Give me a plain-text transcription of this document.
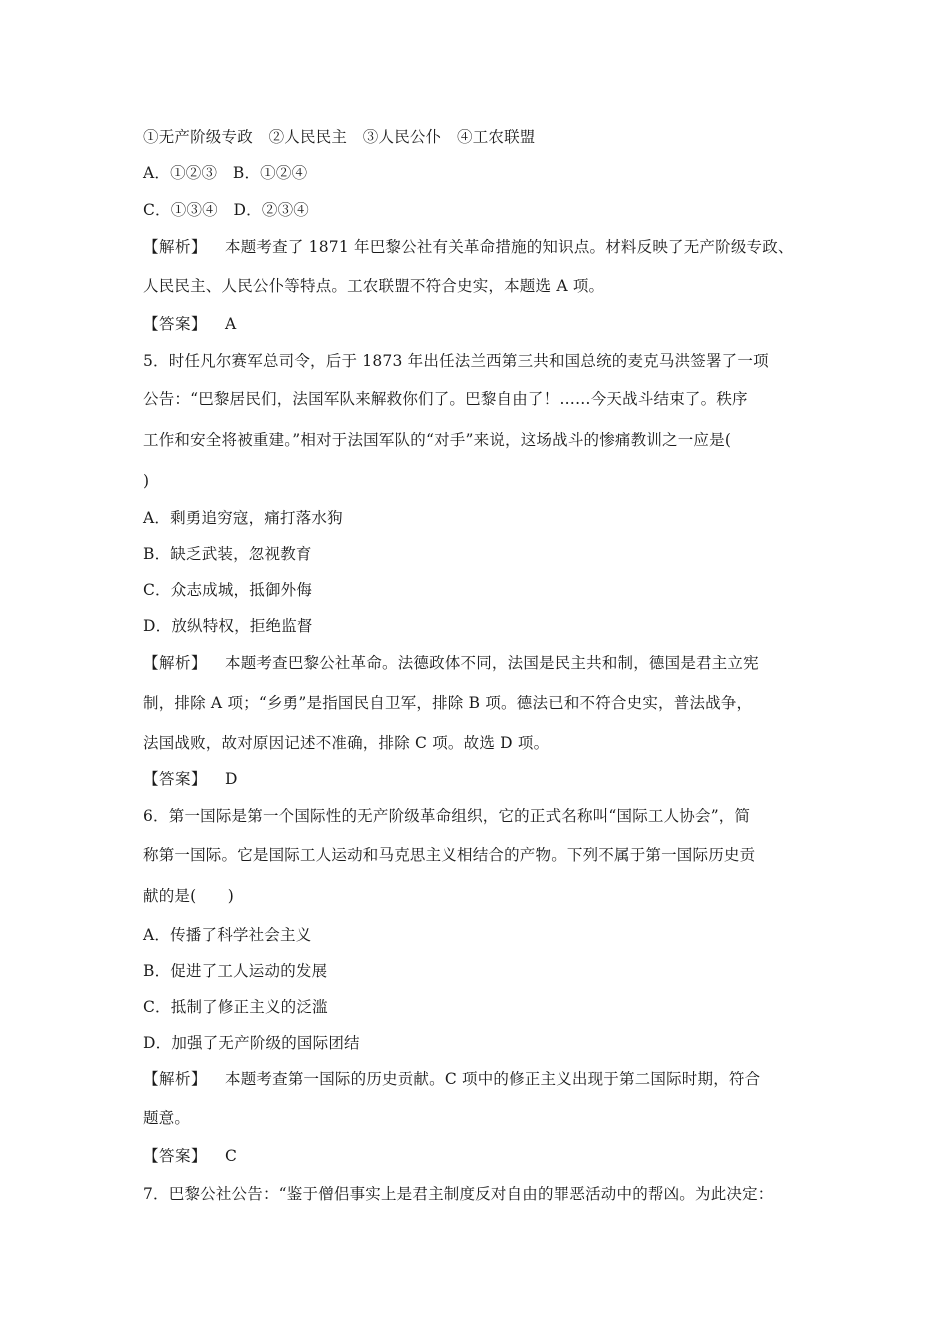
①无产阶级专政　②人民民主　③人民公仆　④工农联盟
A．①②③　B．①②④
C．①③④　D．②③④
【解析】 本题考查了 1871 年巴黎公社有关革命措施的知识点。材料反映了无产阶级专政、
人民民主、人民公仆等特点。工农联盟不符合史实，本题选 A 项。
【答案】 A
5．时任凡尔赛军总司令，后于 1873 年出任法兰西第三共和国总统的麦克马洪签署了一项
公告：“巴黎居民们，法国军队来解救你们了。巴黎自由了！……今天战斗结束了。秩序
工作和安全将被重建。”相对于法国军队的“对手”来说，这场战斗的惨痛教训之一应是(
)
A．剩勇追穷寇，痛打落水狗
B．缺乏武装，忽视教育
C．众志成城，抵御外侮
D．放纵特权，拒绝监督
【解析】 本题考查巴黎公社革命。法德政体不同，法国是民主共和制，德国是君主立宪
制，排除 A 项；“乡勇”是指国民自卫军，排除 B 项。德法已和不符合史实，普法战争，
法国战败，故对原因记述不准确，排除 C 项。故选 D 项。
【答案】 D
6．第一国际是第一个国际性的无产阶级革命组织，它的正式名称叫“国际工人协会”，简
称第一国际。它是国际工人运动和马克思主义相结合的产物。下列不属于第一国际历史贡
献的是(　　)
A．传播了科学社会主义
B．促进了工人运动的发展
C．抵制了修正主义的泛滥
D．加强了无产阶级的国际团结
【解析】 本题考查第一国际的历史贡献。C 项中的修正主义出现于第二国际时期，符合
题意。
【答案】 C
7．巴黎公社公告：“鉴于僧侣事实上是君主制度反对自由的罪恶活动中的帮凶。为此决定：
